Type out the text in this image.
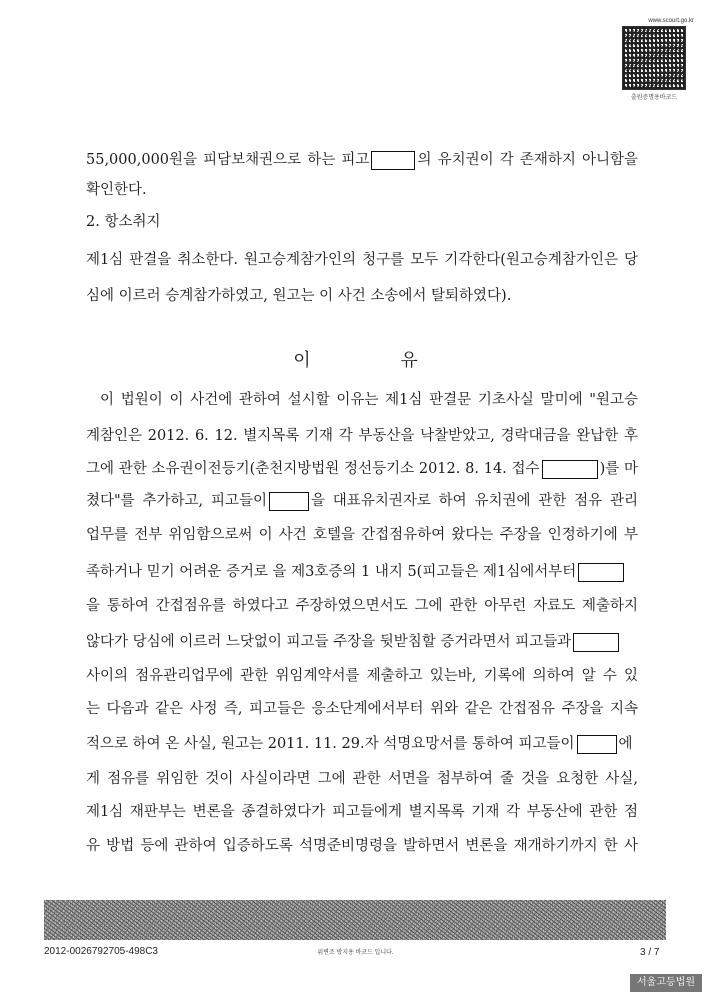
www.scourt.go.kr
출원증명용바코드
55,000,000원을 피담보채권으로 하는 피고	의 유치권이 각 존재하지 아니함을
확인한다.
2. 항소취지
제1심 판결을 취소한다. 원고승계참가인의 청구를 모두 기각한다(원고승계참가인은 당
심에 이르러 승계참가하였고, 원고는 이 사건 소송에서 탈퇴하였다).
이 유
이 법원이 이 사건에 관하여 설시할 이유는 제1심 판결문 기초사실 말미에 "원고승
계참인은 2012. 6. 12. 별지목록 기재 각 부동산을 낙찰받았고, 경락대금을 완납한 후
그에 관한 소유권이전등기(춘천지방법원 정선등기소 2012. 8. 14. 접수	)를 마
쳤다"를 추가하고, 피고들이	을 대표유치권자로 하여 유치권에 관한 점유 관리
업무를 전부 위임함으로써 이 사건 호텔을 간접점유하여 왔다는 주장을 인정하기에 부
족하거나 믿기 어려운 증거로 을 제3호증의 1 내지 5(피고들은 제1심에서부터
을 통하여 간접점유를 하였다고 주장하였으면서도 그에 관한 아무런 자료도 제출하지
않다가 당심에 이르러 느닷없이 피고들 주장을 뒷받침할 증거라면서 피고들과
사이의 점유관리업무에 관한 위임계약서를 제출하고 있는바, 기록에 의하여 알 수 있
는 다음과 같은 사정 즉, 피고들은 응소단계에서부터 위와 같은 간접점유 주장을 지속
적으로 하여 온 사실, 원고는 2011. 11. 29.자 석명요망서를 통하여 피고들이	에
게 점유를 위임한 것이 사실이라면 그에 관한 서면을 첨부하여 줄 것을 요청한 사실,
제1심 재판부는 변론을 종결하였다가 피고들에게 별지목록 기재 각 부동산에 관한 점
유 방법 등에 관하여 입증하도록 석명준비명령을 발하면서 변론을 재개하기까지 한 사
2012-0026792705-498C3	위변조 방지용 바코드 입니다.	3 / 7
서울고등법원
